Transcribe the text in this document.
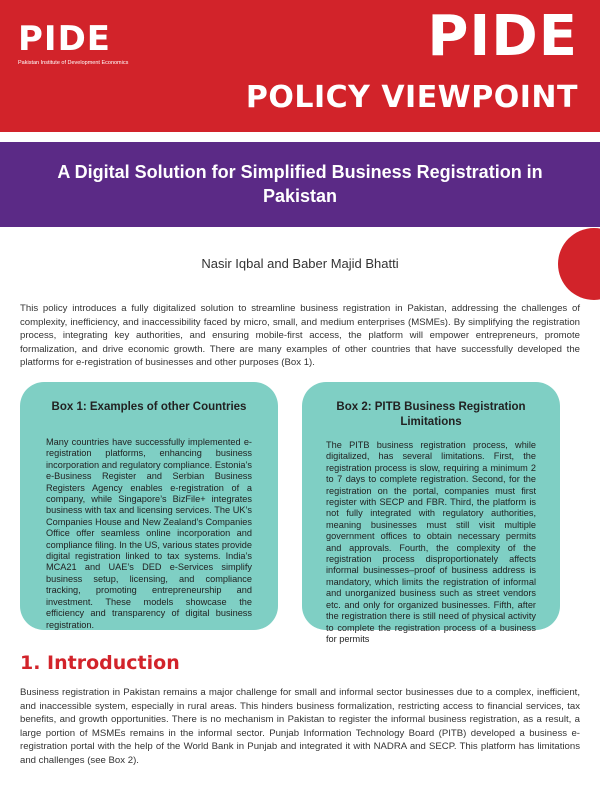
PIDE
Pakistan Institute of Development Economics	PIDE
POLICY VIEWPOINT
A Digital Solution for Simplified Business Registration in Pakistan
Nasir Iqbal and Baber Majid Bhatti
This policy introduces a fully digitalized solution to streamline business registration in Pakistan, addressing the challenges of complexity, inefficiency, and inaccessibility faced by micro, small, and medium enterprises (MSMEs). By simplifying the registration process, integrating key authorities, and ensuring mobile-first access, the platform will empower entrepreneurs, promote formalization, and drive economic growth. There are many examples of other countries that have successfully developed the platforms for e-registration of businesses and other purposes (Box 1).
Box 1: Examples of other Countries
Many countries have successfully implemented e-registration platforms, enhancing business incorporation and regulatory compliance. Estonia’s e-Business Register and Serbian Business Registers Agency enables e-registration of a company, while Singapore’s BizFile+ integrates business with tax and licensing services. The UK’s Companies House and New Zealand’s Companies Office offer seamless online incorporation and compliance filing. In the US, various states provide digital registration linked to tax systems. India’s MCA21 and UAE’s DED e-Services simplify business setup, licensing, and compliance tracking, promoting entrepreneurship and investment. These models showcase the efficiency and transparency of digital business registration.
Box 2: PITB Business Registration Limitations
The PITB business registration process, while digitalized, has several limitations. First, the registration process is slow, requiring a minimum 2 to 7 days to complete registration. Second, for the registration on the portal, companies must first register with SECP and FBR. Third, the platform is not fully integrated with regulatory authorities, meaning businesses must still visit multiple government offices to obtain necessary permits and approvals. Fourth, the complexity of the registration process disproportionately affects informal businesses–proof of business address is mandatory, which limits the registration of informal and unorganized business such as street vendors etc. and only for organized businesses. Fifth, after the registration there is still need of physical activity to complete the registration process of a business for permits
1. Introduction
Business registration in Pakistan remains a major challenge for small and informal sector businesses due to a complex, inefficient, and inaccessible system, especially in rural areas. This hinders business formalization, restricting access to financial services, tax benefits, and growth opportunities. There is no mechanism in Pakistan to register the informal business registration, as a result, a large portion of MSMEs remains in the informal sector. Punjab Information Technology Board (PITB) developed a business e-registration portal with the help of the World Bank in Punjab and integrated it with NADRA and SECP. This platform has limitations and challenges (see Box 2).
